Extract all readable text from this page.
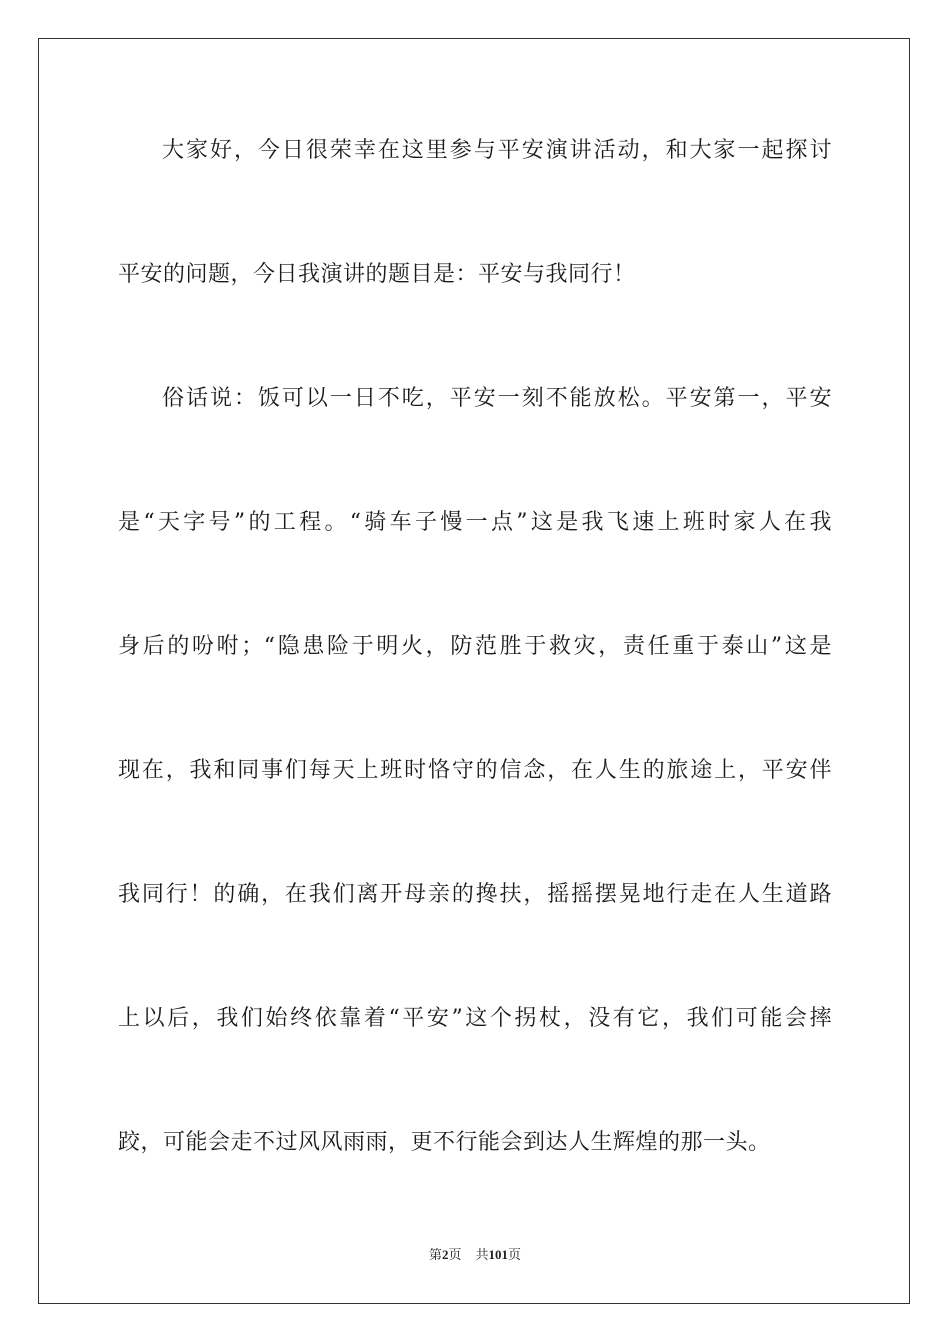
大家好，今日很荣幸在这里参与平安演讲活动，和大家一起探讨
平安的问题，今日我演讲的题目是：平安与我同行！
俗话说：饭可以一日不吃，平安一刻不能放松。平安第一，平安
是“天字号”的工程。“骑车子慢一点”这是我飞速上班时家人在我
身后的吩咐；“隐患险于明火，防范胜于救灾，责任重于泰山”这是
现在，我和同事们每天上班时恪守的信念，在人生的旅途上，平安伴
我同行！的确，在我们离开母亲的搀扶，摇摇摆晃地行走在人生道路
上以后，我们始终依靠着“平安”这个拐杖，没有它，我们可能会摔
跤，可能会走不过风风雨雨，更不行能会到达人生辉煌的那一头。
第2页 共101页
